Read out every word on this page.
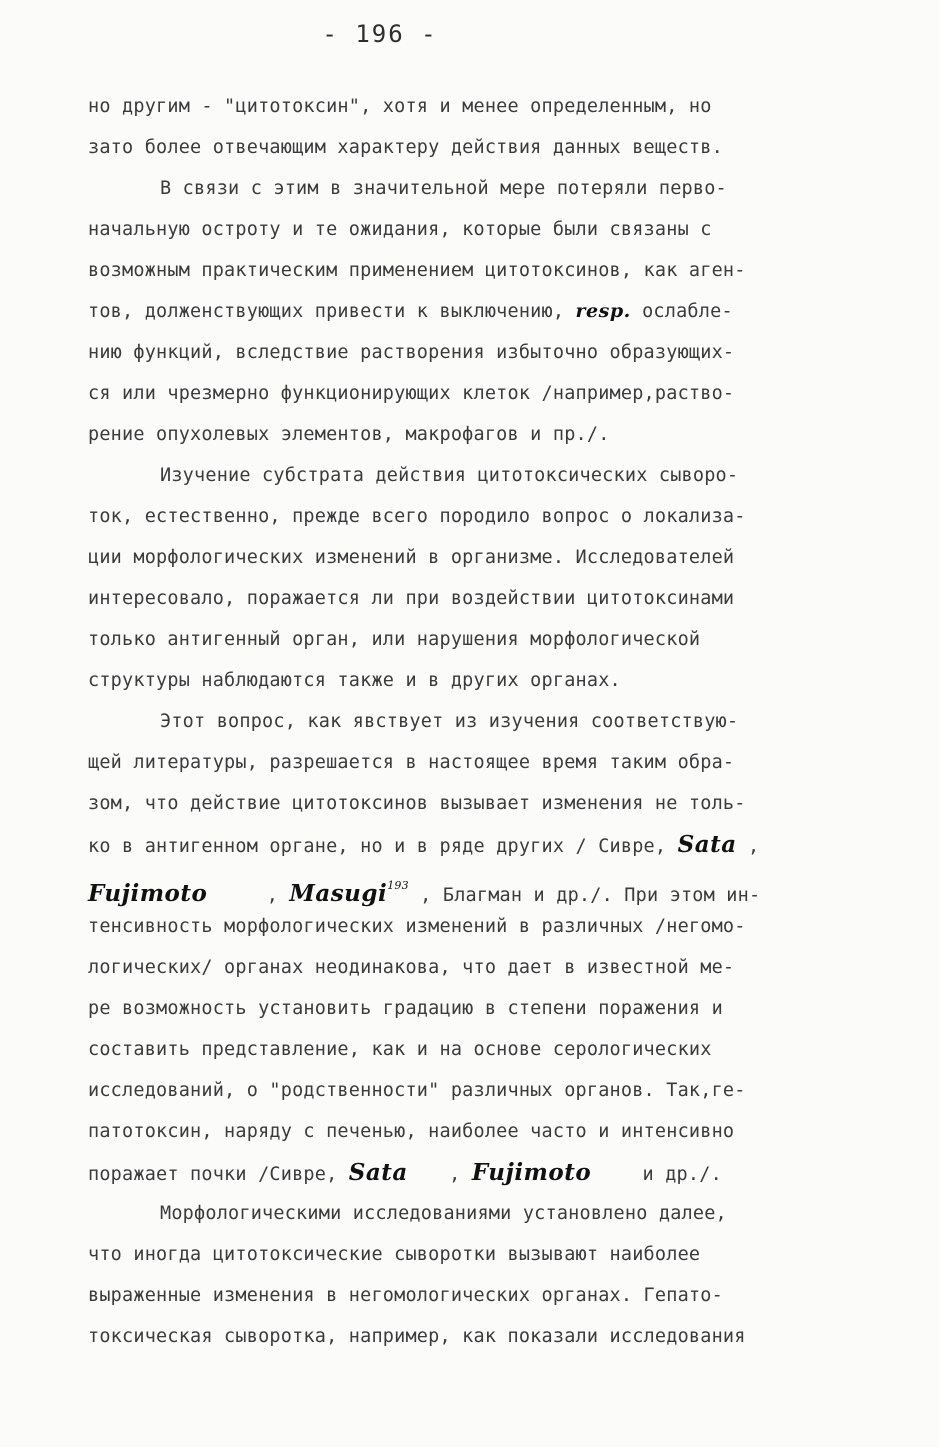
- 196 -
но другим - "цитотоксин", хотя и менее определенным, но
зато более отвечающим характеру действия данных веществ.
В связи с этим в значительной мере потеряли перво-
начальную остроту и те ожидания, которые были связаны с
возможным практическим применением цитотоксинов, как аген-
тов, долженствующих привести к выключению, resp. ослабле-
нию функций, вследствие растворения избыточно образующих-
ся или чрезмерно функционирующих клеток /например,раство-
рение опухолевых элементов, макрофагов и пр./.
Изучение субстрата действия цитотоксических сыворо-
ток, естественно, прежде всего породило вопрос о локализа-
ции морфологических изменений в организме. Исследователей
интересовало, поражается ли при воздействии цитотоксинами
только антигенный орган, или нарушения морфологической
структуры наблюдаются также и в других органах.
Этот вопрос, как явствует из изучения соответствую-
щей литературы, разрешается в настоящее время таким обра-
зом, что действие цитотоксинов вызывает изменения не толь-
ко в антигенном органе, но и в ряде других / Сивре, Sata ,
Fujimoto	, Masugi$^{193}$ , Благман и др./. При этом ин-
тенсивность морфологических изменений в различных /негомо-
логических/ органах неодинакова, что дает в известной ме-
ре возможность установить градацию в степени поражения и
составить представление, как и на основе серологических
исследований, о "родственности" различных органов. Так,ге-
патотоксин, наряду с печенью, наиболее часто и интенсивно
поражает почки /Сивре, Sata , Fujimoto и др./.
Морфологическими исследованиями установлено далее,
что иногда цитотоксические сыворотки вызывают наиболее
выраженные изменения в негомологических органах. Гепато-
токсическая сыворотка, например, как показали исследования
